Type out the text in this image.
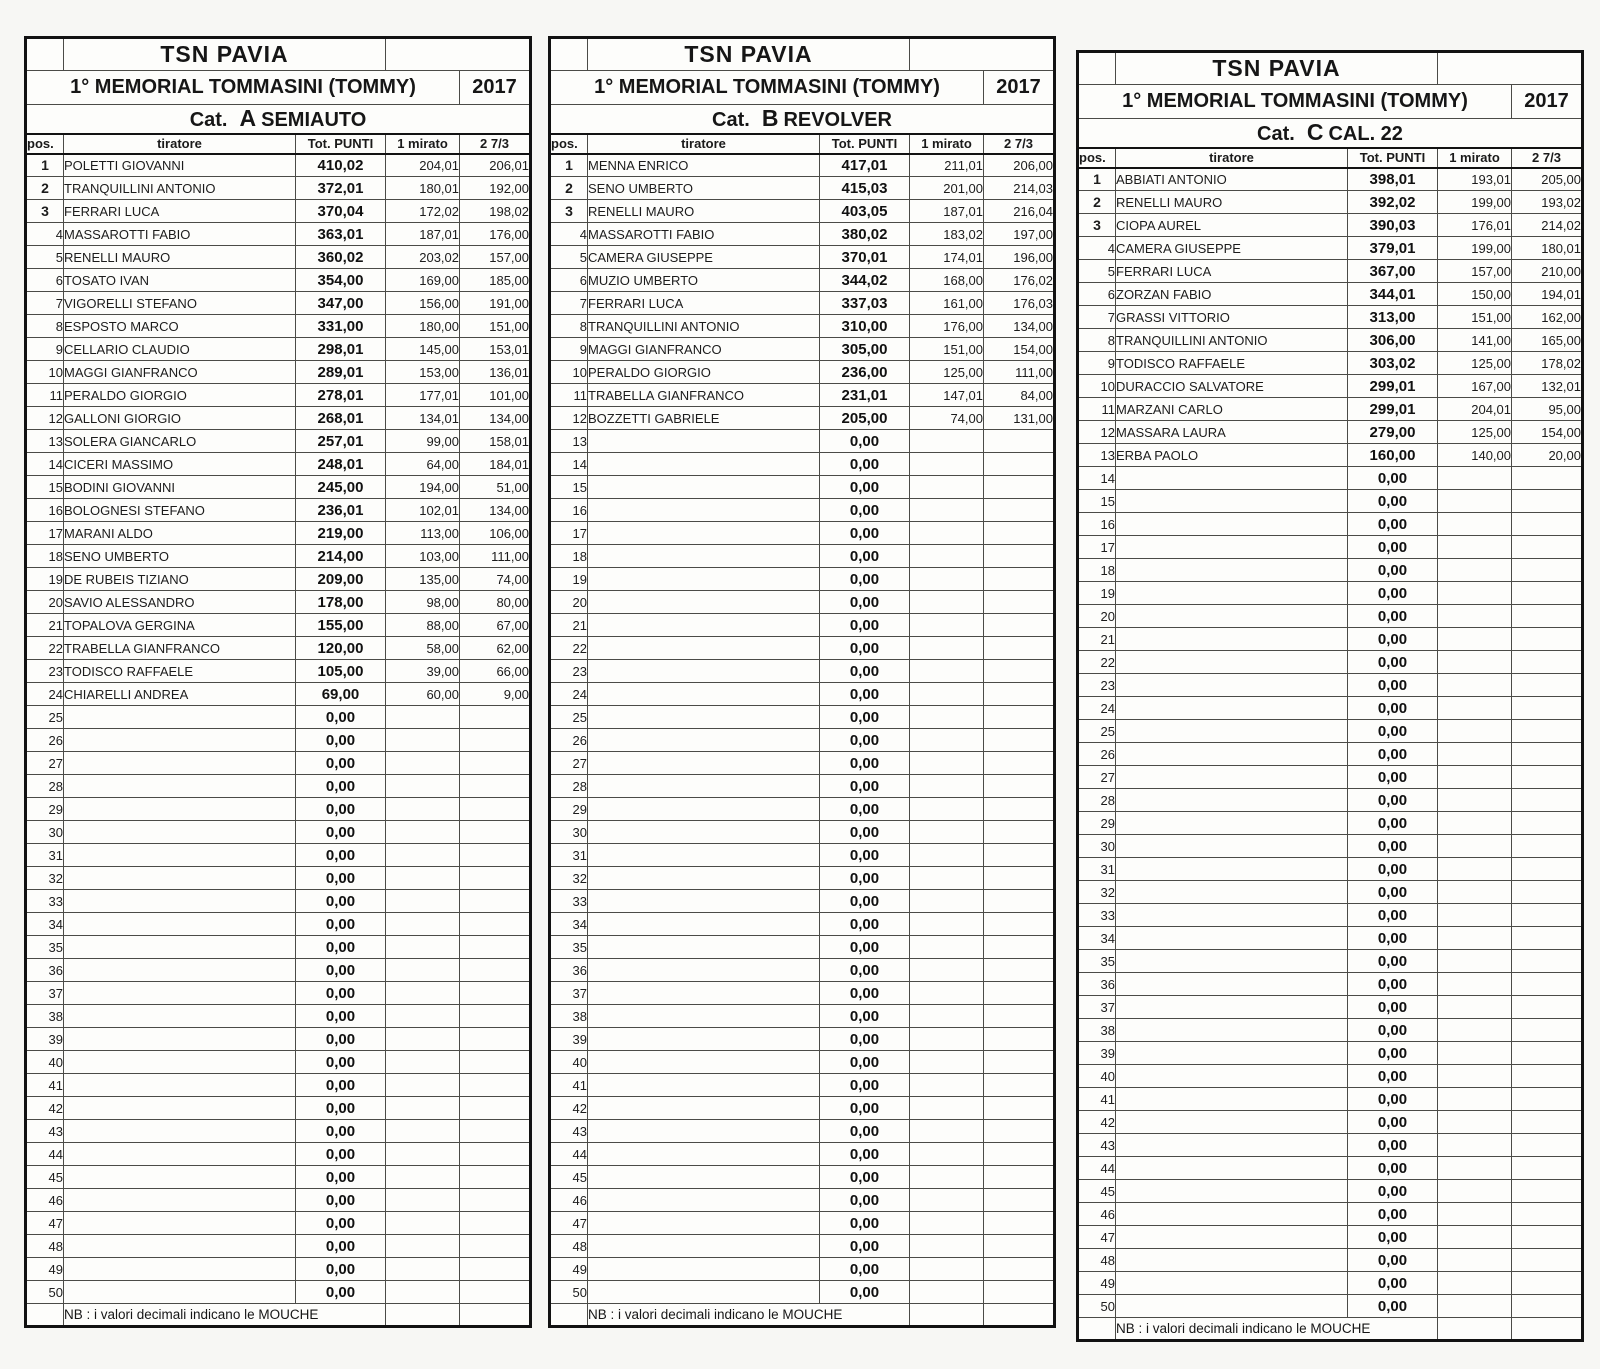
	TSN PAVIA			
1° MEMORIAL TOMMASINI (TOMMY)				2017
Cat. A SEMIAUTO				
pos.	tiratore	Tot. PUNTI	1 mirato	2 7/3
1	POLETTI GIOVANNI	410,02	204,01	206,01
2	TRANQUILLINI ANTONIO	372,01	180,01	192,00
3	FERRARI LUCA	370,04	172,02	198,02
4	MASSAROTTI FABIO	363,01	187,01	176,00
5	RENELLI MAURO	360,02	203,02	157,00
6	TOSATO IVAN	354,00	169,00	185,00
7	VIGORELLI STEFANO	347,00	156,00	191,00
8	ESPOSTO MARCO	331,00	180,00	151,00
9	CELLARIO CLAUDIO	298,01	145,00	153,01
10	MAGGI GIANFRANCO	289,01	153,00	136,01
11	PERALDO GIORGIO	278,01	177,01	101,00
12	GALLONI GIORGIO	268,01	134,01	134,00
13	SOLERA GIANCARLO	257,01	99,00	158,01
14	CICERI MASSIMO	248,01	64,00	184,01
15	BODINI GIOVANNI	245,00	194,00	51,00
16	BOLOGNESI STEFANO	236,01	102,01	134,00
17	MARANI ALDO	219,00	113,00	106,00
18	SENO UMBERTO	214,00	103,00	111,00
19	DE RUBEIS TIZIANO	209,00	135,00	74,00
20	SAVIO ALESSANDRO	178,00	98,00	80,00
21	TOPALOVA GERGINA	155,00	88,00	67,00
22	TRABELLA GIANFRANCO	120,00	58,00	62,00
23	TODISCO RAFFAELE	105,00	39,00	66,00
24	CHIARELLI ANDREA	69,00	60,00	9,00
25		0,00		
26		0,00		
27		0,00		
28		0,00		
29		0,00		
30		0,00		
31		0,00		
32		0,00		
33		0,00		
34		0,00		
35		0,00		
36		0,00		
37		0,00		
38		0,00		
39		0,00		
40		0,00		
41		0,00		
42		0,00		
43		0,00		
44		0,00		
45		0,00		
46		0,00		
47		0,00		
48		0,00		
49		0,00		
50		0,00		
	NB : i valori decimali indicano le MOUCHE			
	TSN PAVIA			
1° MEMORIAL TOMMASINI (TOMMY)				2017
Cat. B REVOLVER				
pos.	tiratore	Tot. PUNTI	1 mirato	2 7/3
1	MENNA ENRICO	417,01	211,01	206,00
2	SENO UMBERTO	415,03	201,00	214,03
3	RENELLI MAURO	403,05	187,01	216,04
4	MASSAROTTI FABIO	380,02	183,02	197,00
5	CAMERA GIUSEPPE	370,01	174,01	196,00
6	MUZIO UMBERTO	344,02	168,00	176,02
7	FERRARI LUCA	337,03	161,00	176,03
8	TRANQUILLINI ANTONIO	310,00	176,00	134,00
9	MAGGI GIANFRANCO	305,00	151,00	154,00
10	PERALDO GIORGIO	236,00	125,00	111,00
11	TRABELLA GIANFRANCO	231,01	147,01	84,00
12	BOZZETTI GABRIELE	205,00	74,00	131,00
13		0,00		
14		0,00		
15		0,00		
16		0,00		
17		0,00		
18		0,00		
19		0,00		
20		0,00		
21		0,00		
22		0,00		
23		0,00		
24		0,00		
25		0,00		
26		0,00		
27		0,00		
28		0,00		
29		0,00		
30		0,00		
31		0,00		
32		0,00		
33		0,00		
34		0,00		
35		0,00		
36		0,00		
37		0,00		
38		0,00		
39		0,00		
40		0,00		
41		0,00		
42		0,00		
43		0,00		
44		0,00		
45		0,00		
46		0,00		
47		0,00		
48		0,00		
49		0,00		
50		0,00		
	NB : i valori decimali indicano le MOUCHE			
	TSN PAVIA			
1° MEMORIAL TOMMASINI (TOMMY)				2017
Cat. C CAL. 22				
pos.	tiratore	Tot. PUNTI	1 mirato	2 7/3
1	ABBIATI ANTONIO	398,01	193,01	205,00
2	RENELLI MAURO	392,02	199,00	193,02
3	CIOPA AUREL	390,03	176,01	214,02
4	CAMERA GIUSEPPE	379,01	199,00	180,01
5	FERRARI LUCA	367,00	157,00	210,00
6	ZORZAN FABIO	344,01	150,00	194,01
7	GRASSI VITTORIO	313,00	151,00	162,00
8	TRANQUILLINI ANTONIO	306,00	141,00	165,00
9	TODISCO RAFFAELE	303,02	125,00	178,02
10	DURACCIO SALVATORE	299,01	167,00	132,01
11	MARZANI CARLO	299,01	204,01	95,00
12	MASSARA LAURA	279,00	125,00	154,00
13	ERBA PAOLO	160,00	140,00	20,00
14		0,00		
15		0,00		
16		0,00		
17		0,00		
18		0,00		
19		0,00		
20		0,00		
21		0,00		
22		0,00		
23		0,00		
24		0,00		
25		0,00		
26		0,00		
27		0,00		
28		0,00		
29		0,00		
30		0,00		
31		0,00		
32		0,00		
33		0,00		
34		0,00		
35		0,00		
36		0,00		
37		0,00		
38		0,00		
39		0,00		
40		0,00		
41		0,00		
42		0,00		
43		0,00		
44		0,00		
45		0,00		
46		0,00		
47		0,00		
48		0,00		
49		0,00		
50		0,00		
	NB : i valori decimali indicano le MOUCHE			
